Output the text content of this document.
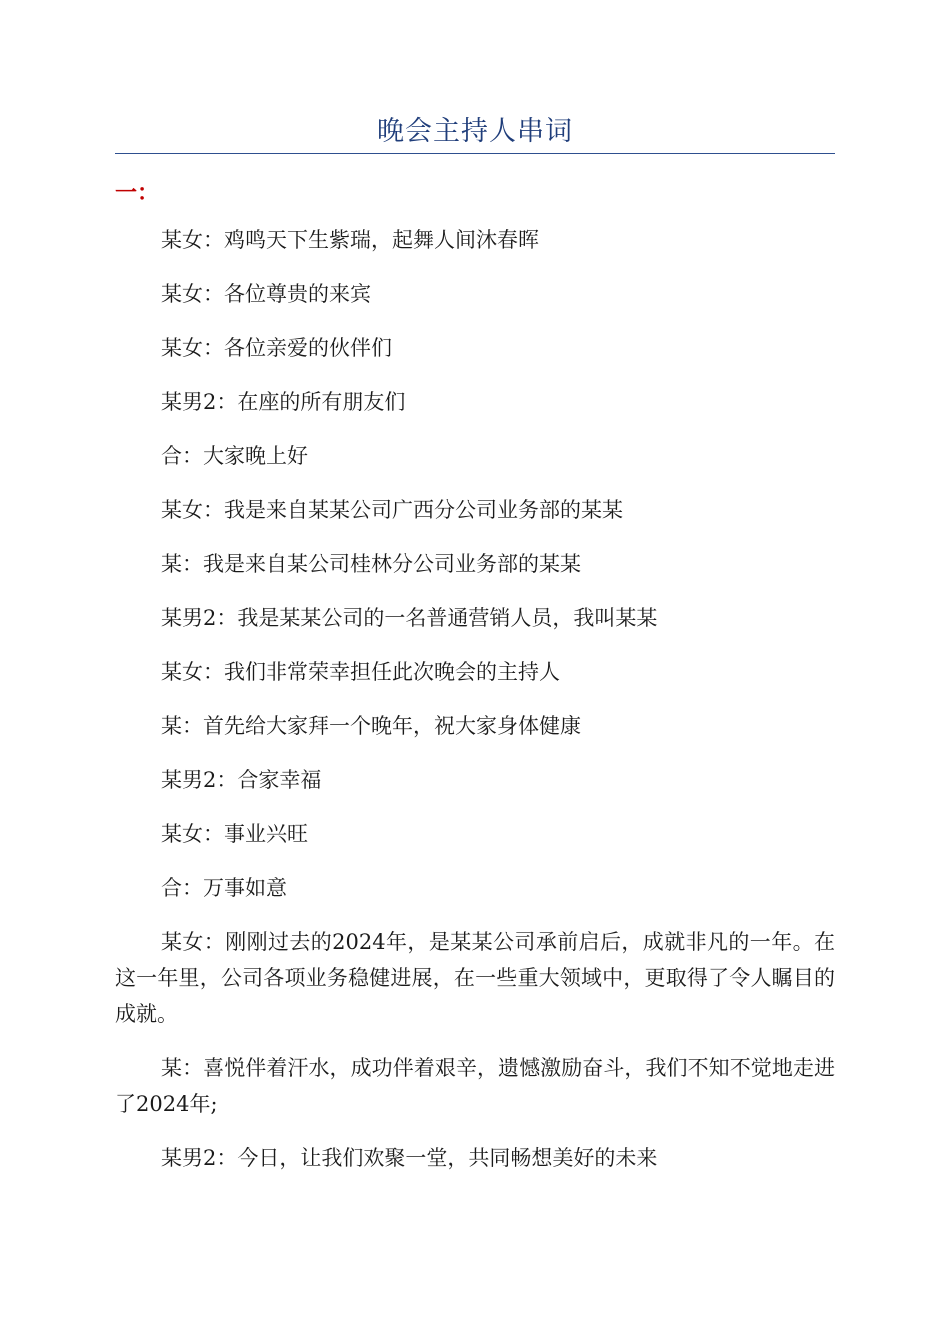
晚会主持人串词
一：

某女：鸡鸣天下生紫瑞，起舞人间沐春晖

某女：各位尊贵的来宾

某女：各位亲爱的伙伴们

某男2：在座的所有朋友们

合：大家晚上好

某女：我是来自某某公司广西分公司业务部的某某

某：我是来自某公司桂林分公司业务部的某某

某男2：我是某某公司的一名普通营销人员，我叫某某

某女：我们非常荣幸担任此次晚会的主持人

某：首先给大家拜一个晚年，祝大家身体健康

某男2：合家幸福

某女：事业兴旺

合：万事如意

某女：刚刚过去的2024年，是某某公司承前启后，成就非凡的一年。在这一年里，公司各项业务稳健进展，在一些重大领域中，更取得了令人瞩目的成就。

某：喜悦伴着汗水，成功伴着艰辛，遗憾激励奋斗，我们不知不觉地走进了2024年;

某男2：今日，让我们欢聚一堂，共同畅想美好的未来
